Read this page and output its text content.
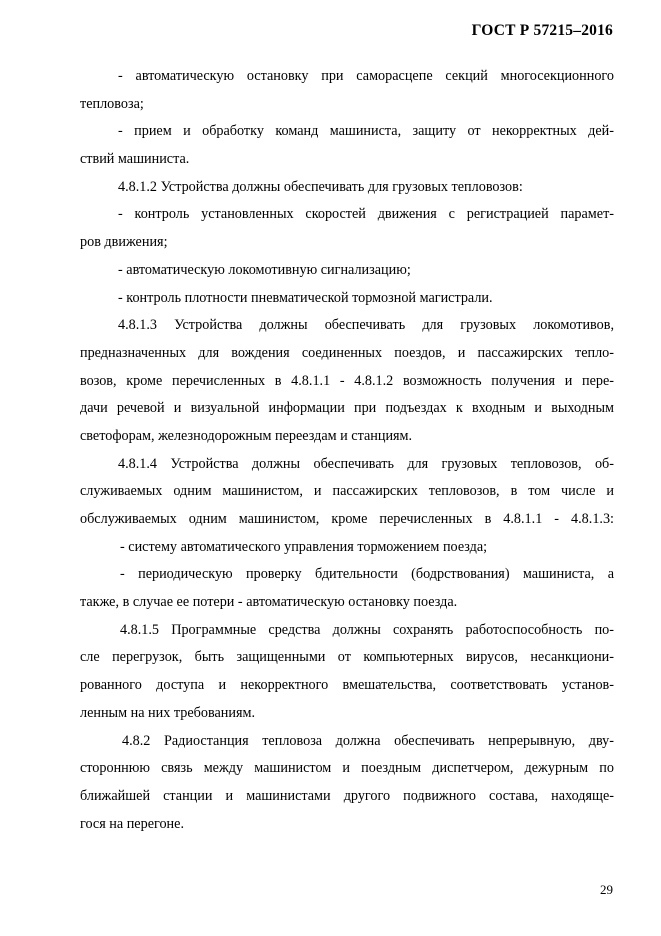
ГОСТ Р 57215–2016
- автоматическую остановку при саморасцепе секций многосекционного
тепловоза;
- прием и обработку команд машиниста, защиту от некорректных дей-
ствий машиниста.
4.8.1.2 Устройства должны обеспечивать для грузовых тепловозов:
- контроль установленных скоростей движения с регистрацией парамет-
ров движения;
- автоматическую локомотивную сигнализацию;
- контроль плотности пневматической тормозной магистрали.
4.8.1.3 Устройства должны обеспечивать для грузовых локомотивов,
предназначенных для вождения соединенных поездов, и пассажирских тепло-
возов, кроме перечисленных в 4.8.1.1 - 4.8.1.2 возможность получения и пере-
дачи речевой и визуальной информации при подъездах к входным и выходным
светофорам, железнодорожным переездам и станциям.
4.8.1.4 Устройства должны обеспечивать для грузовых тепловозов, об-
служиваемых одним машинистом, и пассажирских тепловозов, в том числе и
обслуживаемых одним машинистом, кроме перечисленных в 4.8.1.1 - 4.8.1.3:
- систему автоматического управления торможением поезда;
- периодическую проверку бдительности (бодрствования) машиниста, а
также, в случае ее потери - автоматическую остановку поезда.
4.8.1.5 Программные средства должны сохранять работоспособность по-
сле перегрузок, быть защищенными от компьютерных вирусов, несанкциони-
рованного доступа и некорректного вмешательства, соответствовать установ-
ленным на них требованиям.
4.8.2 Радиостанция тепловоза должна обеспечивать непрерывную, дву-
стороннюю связь между машинистом и поездным диспетчером, дежурным по
ближайшей станции и машинистами другого подвижного состава, находяще-
гося на перегоне.
29
